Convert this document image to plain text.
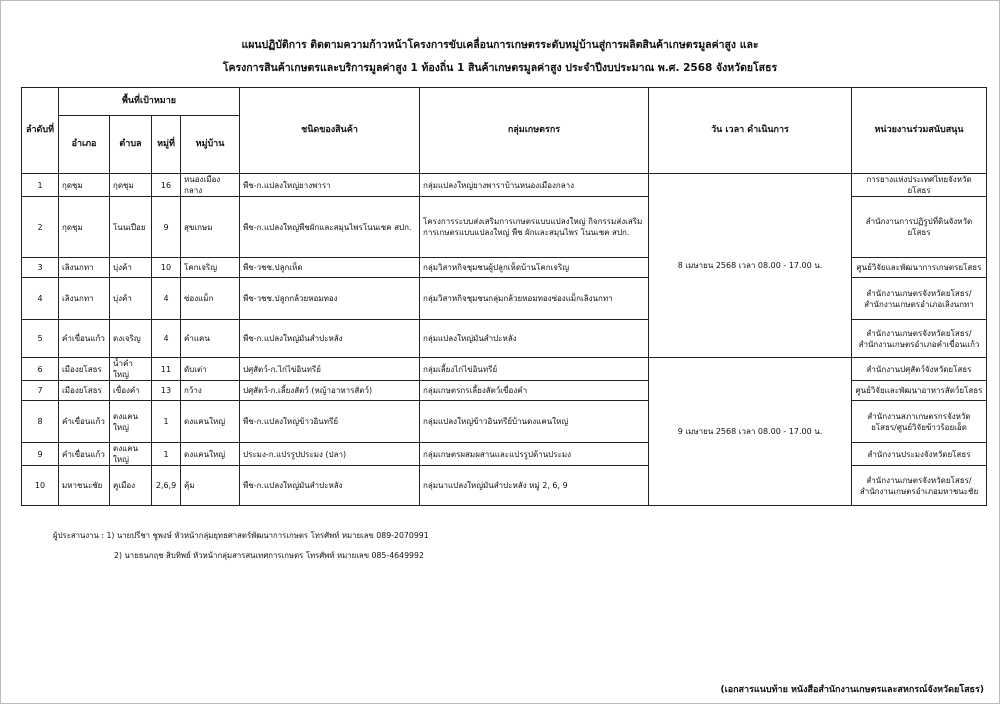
แผนปฏิบัติการ ติดตามความก้าวหน้าโครงการขับเคลื่อนการเกษตรระดับหมู่บ้านสู่การผลิตสินค้าเกษตรมูลค่าสูง และ
โครงการสินค้าเกษตรและบริการมูลค่าสูง 1 ท้องถิ่น 1 สินค้าเกษตรมูลค่าสูง ประจำปีงบประมาณ พ.ศ. 2568 จังหวัดยโสธร
ลำดับที่	พื้นที่เป้าหมาย				ชนิดของสินค้า	กลุ่มเกษตรกร	วัน เวลา ดำเนินการ	หน่วยงานร่วมสนับสนุน
	อำเภอ	ตำบล	หมู่ที่	หมู่บ้าน				
1	กุดชุม	กุดชุม	16	หนองเมืองกลาง	พืช-ก.แปลงใหญ่ยางพารา	กลุ่มแปลงใหญ่ยางพาราบ้านหนองเมืองกลาง	8 เมษายน 2568 เวลา 08.00 - 17.00 น.	การยางแห่งประเทศไทยจังหวัดยโสธร
2	กุดชุม	โนนเปือย	9	สุขเกษม	พืช-ก.แปลงใหญ่พืชผักและสมุนไพรโนนเชค สปก.	โครงการระบบส่งเสริมการเกษตรแบบแปลงใหญ่ กิจกรรมส่งเสริมการเกษตรแบบแปลงใหญ่ พืช ผักและสมุนไพร โนนเชค สปก.		สำนักงานการปฏิรูปที่ดินจังหวัดยโสธร
3	เลิงนกทา	บุ่งค้า	10	โคกเจริญ	พืช-วชช.ปลูกเห็ด	กลุ่มวิสาหกิจชุมชนผู้ปลูกเห็ดบ้านโคกเจริญ		ศูนย์วิจัยและพัฒนาการเกษตรยโสธร
4	เลิงนกทา	บุ่งค้า	4	ซ่องแม็ก	พืช-วชช.ปลูกกล้วยหอมทอง	กลุ่มวิสาหกิจชุมชนกลุ่มกล้วยหอมทองซ่องแม็กเลิงนกทา		สำนักงานเกษตรจังหวัดยโสธร/สำนักงานเกษตรอำเภอเลิงนกทา
5	คำเขื่อนแก้ว	ดงเจริญ	4	คำแคน	พืช-ก.แปลงใหญ่มันสำปะหลัง	กลุ่มแปลงใหญ่มันสำปะหลัง		สำนักงานเกษตรจังหวัดยโสธร/สำนักงานเกษตรอำเภอคำเขื่อนแก้ว
6	เมืองยโสธร	น้ำคำใหญ่	11	ดับเต่า	ปศุสัตว์-ก.ไก่ไข่อินทรีย์	กลุ่มเลี้ยงไก่ไข่อินทรีย์	9 เมษายน 2568 เวลา 08.00 - 17.00 น.	สำนักงานปศุสัตว์จังหวัดยโสธร
7	เมืองยโสธร	เขื่องคำ	13	กว้าง	ปศุสัตว์-ก.เลี้ยงสัตว์ (หญ้าอาหารสัตว์)	กลุ่มเกษตรกรเลี้ยงสัตว์เขื่องคำ		ศูนย์วิจัยและพัฒนาอาหารสัตว์ยโสธร
8	คำเขื่อนแก้ว	ดงแคนใหญ่	1	ดงแคนใหญ่	พืช-ก.แปลงใหญ่ข้าวอินทรีย์	กลุ่มแปลงใหญ่ข้าวอินทรีย์บ้านดงแคนใหญ่		สำนักงานสภาเกษตรกรจังหวัดยโสธร/ศูนย์วิจัยข้าวร้อยเอ็ด
9	คำเขื่อนแก้ว	ดงแคนใหญ่	1	ดงแคนใหญ่	ประมง-ก.แปรรูปประมง (ปลา)	กลุ่มเกษตรผสมผสานและแปรรูปด้านประมง		สำนักงานประมงจังหวัดยโสธร
10	มหาชนะชัย	คูเมือง	2,6,9	คุ้ม	พืช-ก.แปลงใหญ่มันสำปะหลัง	กลุ่มนาแปลงใหญ่มันสำปะหลัง หมู่ 2, 6, 9		สำนักงานเกษตรจังหวัดยโสธร/สำนักงานเกษตรอำเภอมหาชนะชัย
ผู้ประสานงาน : 1) นายปรีชา ชูพงษ์ หัวหน้ากลุ่มยุทธศาสตร์พัฒนาการเกษตร โทรศัพท์ หมายเลข 089-2070991
2) นายธนกฤช สิบทิพย์ หัวหน้ากลุ่มสารสนเทศการเกษตร โทรศัพท์ หมายเลข 085-4649992
(เอกสารแนบท้าย หนังสือสำนักงานเกษตรและสหกรณ์จังหวัดยโสธร)
